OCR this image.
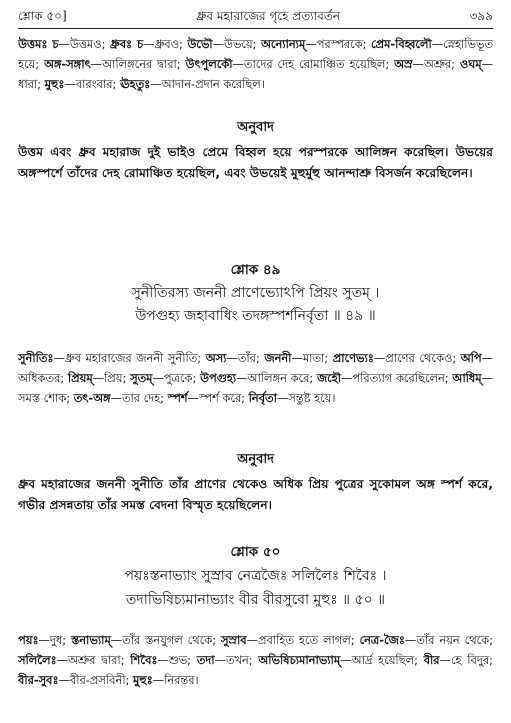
শ্লোক ৫০]	ধ্রুব মহারাজের গৃহে প্রত্যাবর্তন	৩৯৯
উত্তমঃ চ—উত্তমও; ধ্রুবঃ চ—ধ্রুবও; উভৌ—উভয়ে; অন্যোন্যম্—পরস্পরকে; প্রেম-বিহ্বলৌ—স্নেহাভিভূত হয়ে; অঙ্গ-সঙ্গাৎ—আলিঙ্গনের দ্বারা; উৎপুলকৌ—তাদের দেহ রোমাঞ্চিত হয়েছিল; অস্র—অশ্রুর; ওঘম্—ধারা; মুহুঃ—বারংবার; ঊহতুঃ—আদান-প্রদান করেছিল।
অনুবাদ
উত্তম এবং ধ্রুব মহারাজ দুই ভাইও প্রেমে বিহ্বল হয়ে পরস্পরকে আলিঙ্গন করেছিল। উভয়ের অঙ্গস্পর্শে তাঁদের দেহ রোমাঞ্চিত হয়েছিল, এবং উভয়েই মুহুর্মুহু আনন্দাশ্রু বিসর্জন করেছিলেন।
শ্লোক ৪৯
সুনীতিরস্য জননী প্রাণেভ্যোঽপি প্রিয়ং সুতম্ ।
উপগুহ্য জহাবাধিং তদঙ্গস্পর্শনির্বৃতা ॥ ৪৯ ॥
সুনীতিঃ—ধ্রুব মহারাজের জননী সুনীতি; অস্য—তাঁর; জননী—মাতা; প্রাণেভ্যঃ—প্রাণের থেকেও; অপি—অধিকতর; প্রিয়ম্—প্রিয়; সুতম্—পুত্রকে; উপগুহ্য—আলিঙ্গন করে; জহৌ—পরিত্যাগ করেছিলেন; আধিম্—সমস্ত শোক; তৎ-অঙ্গ—তার দেহ; স্পর্শ—স্পর্শ করে; নির্বৃতা—সন্তুষ্ট হয়ে।
অনুবাদ
ধ্রুব মহারাজের জননী সুনীতি তাঁর প্রাণের থেকেও অধিক প্রিয় পুত্রের সুকোমল অঙ্গ স্পর্শ করে, গভীর প্রসন্নতায় তাঁর সমস্ত বেদনা বিস্মৃত হয়েছিলেন।
শ্লোক ৫০
পয়ঃস্তনাভ্যাং সুস্রাব নেত্রজৈঃ সলিলৈঃ শিবৈঃ ।
তদাভিষিচ্যমানাভ্যাং বীর বীরসুবো মুহুঃ ॥ ৫০ ॥
পয়ঃ—দুধ; স্তনাভ্যাম্—তাঁর স্তনযুগল থেকে; সুস্রাব—প্রবাহিত হতে লাগল; নেত্র-জৈঃ—তাঁর নয়ন থেকে; সলিলৈঃ—অশ্রুর দ্বারা; শিবৈঃ—শুভ; তদা—তখন; অভিষিচ্যমানাভ্যাম্—আর্দ্র হয়েছিল; বীর—হে বিদুর; বীর-সুবঃ—বীর-প্রসবিনী; মুহুঃ—নিরন্তর।
